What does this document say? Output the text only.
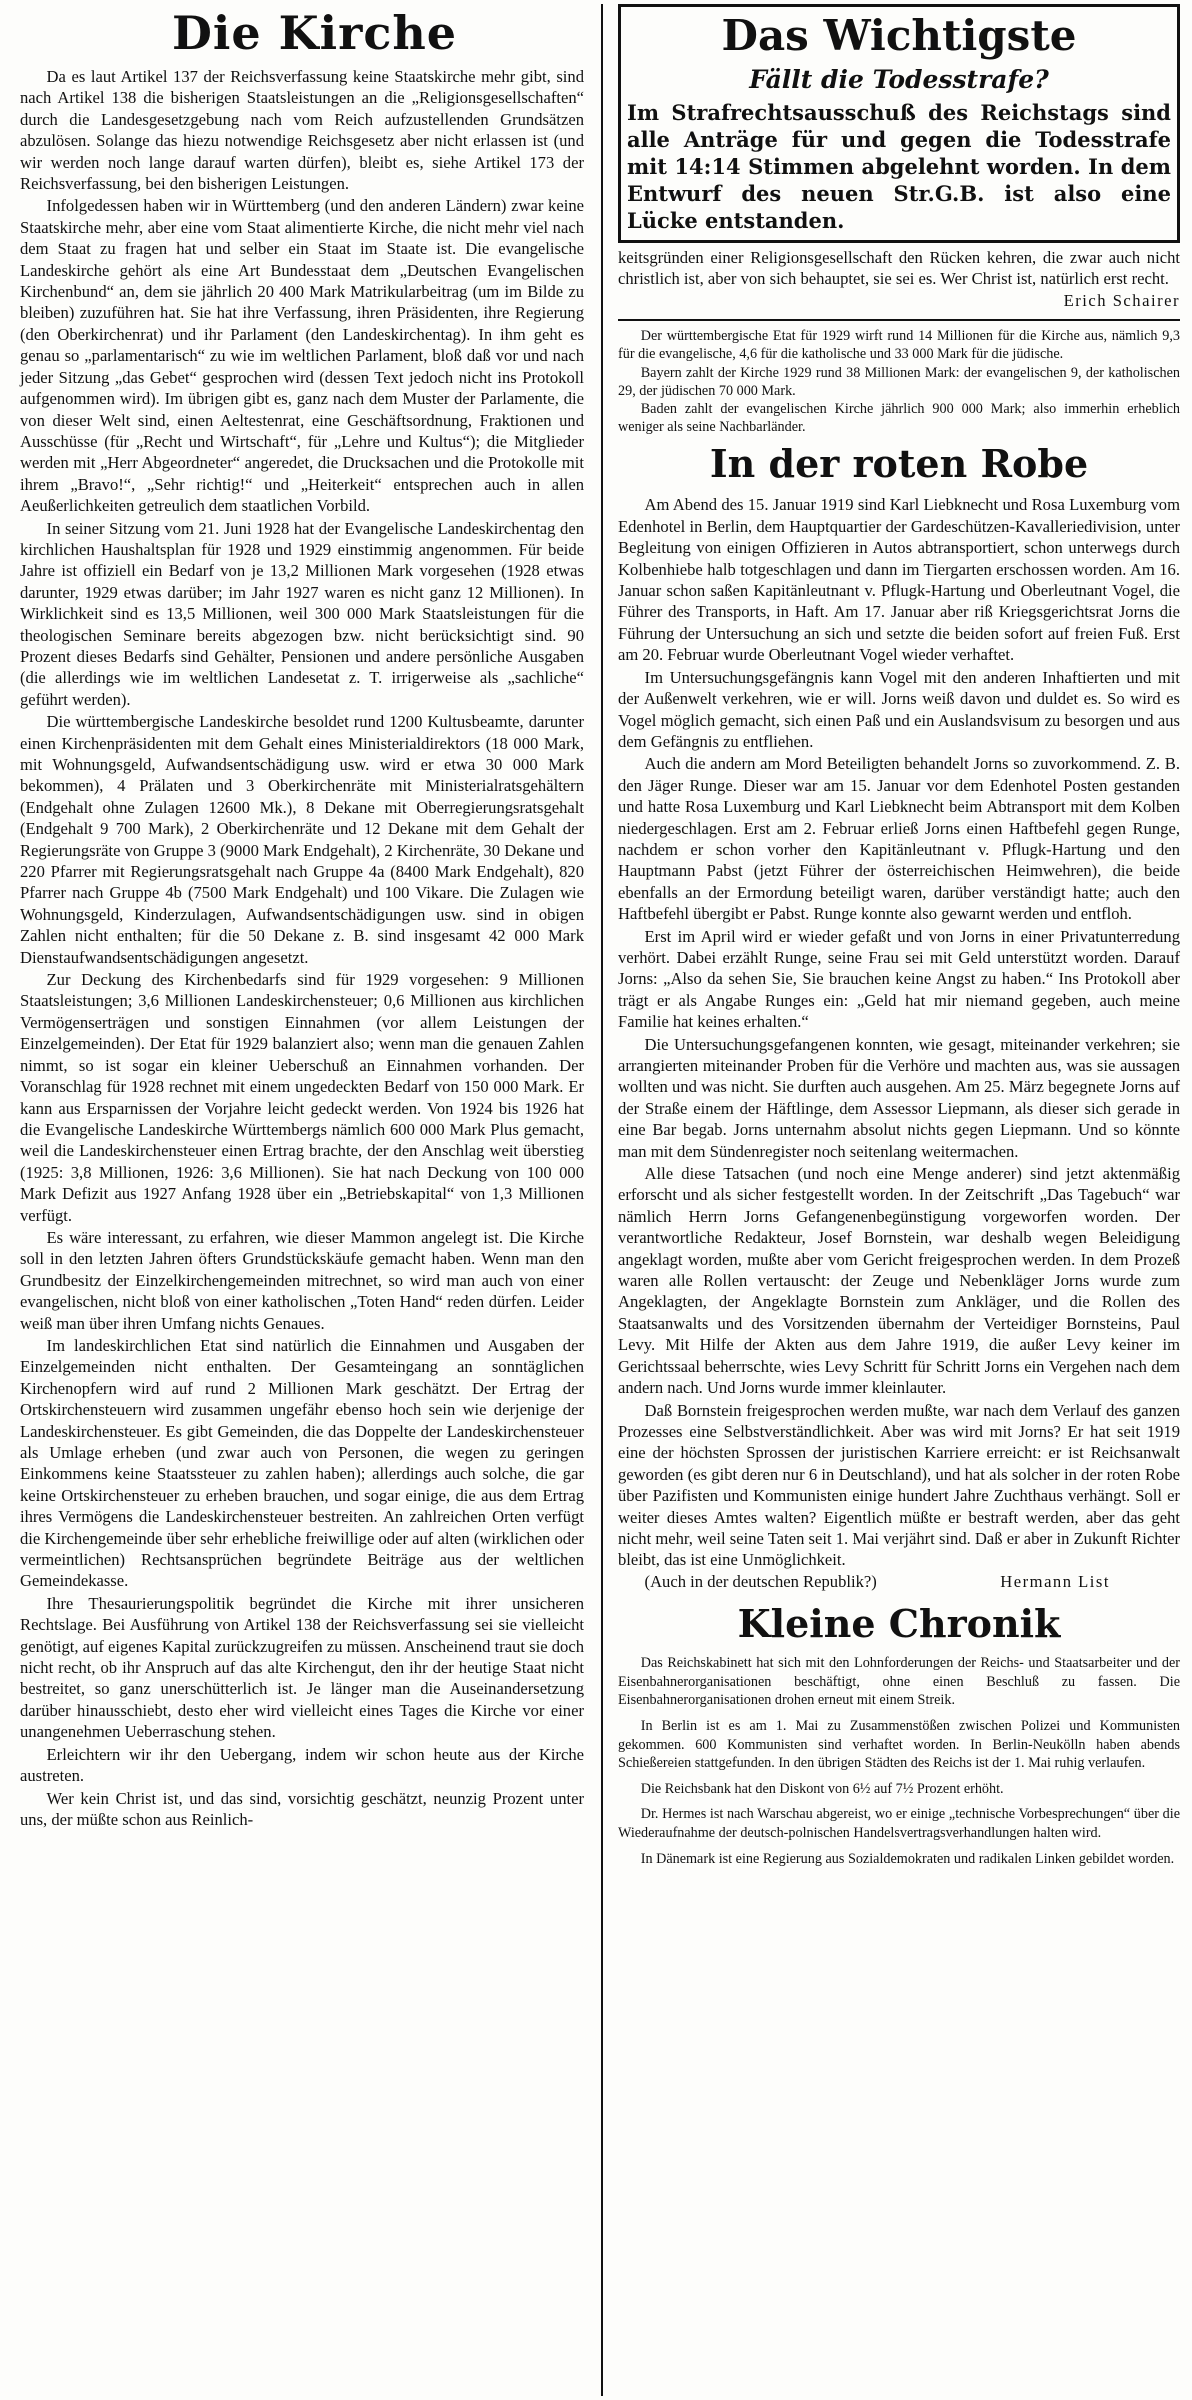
Die Kirche
Da es laut Artikel 137 der Reichsverfassung keine Staatskirche mehr gibt, sind nach Artikel 138 die bisherigen Staatsleistungen an die „Religionsgesellschaften“ durch die Landesgesetzgebung nach vom Reich aufzustellenden Grundsätzen abzulösen. Solange das hiezu notwendige Reichsgesetz aber nicht erlassen ist (und wir werden noch lange darauf warten dürfen), bleibt es, siehe Artikel 173 der Reichsverfassung, bei den bisherigen Leistungen.
Infolgedessen haben wir in Württemberg (und den anderen Ländern) zwar keine Staatskirche mehr, aber eine vom Staat alimentierte Kirche, die nicht mehr viel nach dem Staat zu fragen hat und selber ein Staat im Staate ist. Die evangelische Landeskirche gehört als eine Art Bundesstaat dem „Deutschen Evangelischen Kirchenbund“ an, dem sie jährlich 20 400 Mark Matrikularbeitrag (um im Bilde zu bleiben) zuzuführen hat. Sie hat ihre Verfassung, ihren Präsidenten, ihre Regierung (den Oberkirchenrat) und ihr Parlament (den Landeskirchentag). In ihm geht es genau so „parlamentarisch“ zu wie im weltlichen Parlament, bloß daß vor und nach jeder Sitzung „das Gebet“ gesprochen wird (dessen Text jedoch nicht ins Protokoll aufgenommen wird). Im übrigen gibt es, ganz nach dem Muster der Parlamente, die von dieser Welt sind, einen Aeltestenrat, eine Geschäftsordnung, Fraktionen und Ausschüsse (für „Recht und Wirtschaft“, für „Lehre und Kultus“); die Mitglieder werden mit „Herr Abgeordneter“ angeredet, die Drucksachen und die Protokolle mit ihrem „Bravo!“, „Sehr richtig!“ und „Heiterkeit“ entsprechen auch in allen Aeußerlichkeiten getreulich dem staatlichen Vorbild.
In seiner Sitzung vom 21. Juni 1928 hat der Evangelische Landeskirchentag den kirchlichen Haushaltsplan für 1928 und 1929 einstimmig angenommen. Für beide Jahre ist offiziell ein Bedarf von je 13,2 Millionen Mark vorgesehen (1928 etwas darunter, 1929 etwas darüber; im Jahr 1927 waren es nicht ganz 12 Millionen). In Wirklichkeit sind es 13,5 Millionen, weil 300 000 Mark Staatsleistungen für die theologischen Seminare bereits abgezogen bzw. nicht berücksichtigt sind. 90 Prozent dieses Bedarfs sind Gehälter, Pensionen und andere persönliche Ausgaben (die allerdings wie im weltlichen Landesetat z. T. irrigerweise als „sachliche“ geführt werden).
Die württembergische Landeskirche besoldet rund 1200 Kultusbeamte, darunter einen Kirchenpräsidenten mit dem Gehalt eines Ministerialdirektors (18 000 Mark, mit Wohnungsgeld, Aufwandsentschädigung usw. wird er etwa 30 000 Mark bekommen), 4 Prälaten und 3 Oberkirchenräte mit Ministerialratsgehältern (Endgehalt ohne Zulagen 12600 Mk.), 8 Dekane mit Oberregierungsratsgehalt (Endgehalt 9 700 Mark), 2 Oberkirchenräte und 12 Dekane mit dem Gehalt der Regierungsräte von Gruppe 3 (9000 Mark Endgehalt), 2 Kirchenräte, 30 Dekane und 220 Pfarrer mit Regierungsratsgehalt nach Gruppe 4a (8400 Mark Endgehalt), 820 Pfarrer nach Gruppe 4b (7500 Mark Endgehalt) und 100 Vikare. Die Zulagen wie Wohnungsgeld, Kinderzulagen, Aufwandsentschädigungen usw. sind in obigen Zahlen nicht enthalten; für die 50 Dekane z. B. sind insgesamt 42 000 Mark Dienstaufwandsentschädigungen angesetzt.
Zur Deckung des Kirchenbedarfs sind für 1929 vorgesehen: 9 Millionen Staatsleistungen; 3,6 Millionen Landeskirchensteuer; 0,6 Millionen aus kirchlichen Vermögenserträgen und sonstigen Einnahmen (vor allem Leistungen der Einzelgemeinden). Der Etat für 1929 balanziert also; wenn man die genauen Zahlen nimmt, so ist sogar ein kleiner Ueberschuß an Einnahmen vorhanden. Der Voranschlag für 1928 rechnet mit einem ungedeckten Bedarf von 150 000 Mark. Er kann aus Ersparnissen der Vorjahre leicht gedeckt werden. Von 1924 bis 1926 hat die Evangelische Landeskirche Württembergs nämlich 600 000 Mark Plus gemacht, weil die Landeskirchensteuer einen Ertrag brachte, der den Anschlag weit überstieg (1925: 3,8 Millionen, 1926: 3,6 Millionen). Sie hat nach Deckung von 100 000 Mark Defizit aus 1927 Anfang 1928 über ein „Betriebskapital“ von 1,3 Millionen verfügt.
Es wäre interessant, zu erfahren, wie dieser Mammon angelegt ist. Die Kirche soll in den letzten Jahren öfters Grundstückskäufe gemacht haben. Wenn man den Grundbesitz der Einzelkirchengemeinden mitrechnet, so wird man auch von einer evangelischen, nicht bloß von einer katholischen „Toten Hand“ reden dürfen. Leider weiß man über ihren Umfang nichts Genaues.
Im landeskirchlichen Etat sind natürlich die Einnahmen und Ausgaben der Einzelgemeinden nicht enthalten. Der Gesamteingang an sonntäglichen Kirchenopfern wird auf rund 2 Millionen Mark geschätzt. Der Ertrag der Ortskirchensteuern wird zusammen ungefähr ebenso hoch sein wie derjenige der Landeskirchensteuer. Es gibt Gemeinden, die das Doppelte der Landeskirchensteuer als Umlage erheben (und zwar auch von Personen, die wegen zu geringen Einkommens keine Staatssteuer zu zahlen haben); allerdings auch solche, die gar keine Ortskirchensteuer zu erheben brauchen, und sogar einige, die aus dem Ertrag ihres Vermögens die Landeskirchensteuer bestreiten. An zahlreichen Orten verfügt die Kirchengemeinde über sehr erhebliche freiwillige oder auf alten (wirklichen oder vermeintlichen) Rechtsansprüchen begründete Beiträge aus der weltlichen Gemeindekasse.
Ihre Thesaurierungspolitik begründet die Kirche mit ihrer unsicheren Rechtslage. Bei Ausführung von Artikel 138 der Reichsverfassung sei sie vielleicht genötigt, auf eigenes Kapital zurückzugreifen zu müssen. Anscheinend traut sie doch nicht recht, ob ihr Anspruch auf das alte Kirchengut, den ihr der heutige Staat nicht bestreitet, so ganz unerschütterlich ist. Je länger man die Auseinandersetzung darüber hinausschiebt, desto eher wird vielleicht eines Tages die Kirche vor einer unangenehmen Ueberraschung stehen.
Erleichtern wir ihr den Uebergang, indem wir schon heute aus der Kirche austreten.
Wer kein Christ ist, und das sind, vorsichtig geschätzt, neunzig Prozent unter uns, der müßte schon aus Reinlich-
Das Wichtigste
Fällt die Todesstrafe?
Im Strafrechtsausschuß des Reichstags sind alle Anträge für und gegen die Todesstrafe mit 14:14 Stimmen abgelehnt worden. In dem Entwurf des neuen Str.G.B. ist also eine Lücke entstanden.
keitsgründen einer Religionsgesellschaft den Rücken kehren, die zwar auch nicht christlich ist, aber von sich behauptet, sie sei es. Wer Christ ist, natürlich erst recht.
Erich Schairer
Der württembergische Etat für 1929 wirft rund 14 Millionen für die Kirche aus, nämlich 9,3 für die evangelische, 4,6 für die katholische und 33 000 Mark für die jüdische.
Bayern zahlt der Kirche 1929 rund 38 Millionen Mark: der evangelischen 9, der katholischen 29, der jüdischen 70 000 Mark.
Baden zahlt der evangelischen Kirche jährlich 900 000 Mark; also immerhin erheblich weniger als seine Nachbarländer.
In der roten Robe
Am Abend des 15. Januar 1919 sind Karl Liebknecht und Rosa Luxemburg vom Edenhotel in Berlin, dem Hauptquartier der Gardeschützen-Kavalleriedivision, unter Begleitung von einigen Offizieren in Autos abtransportiert, schon unterwegs durch Kolbenhiebe halb totgeschlagen und dann im Tiergarten erschossen worden. Am 16. Januar schon saßen Kapitänleutnant v. Pflugk-Hartung und Oberleutnant Vogel, die Führer des Transports, in Haft. Am 17. Januar aber riß Kriegsgerichtsrat Jorns die Führung der Untersuchung an sich und setzte die beiden sofort auf freien Fuß. Erst am 20. Februar wurde Oberleutnant Vogel wieder verhaftet.
Im Untersuchungsgefängnis kann Vogel mit den anderen Inhaftierten und mit der Außenwelt verkehren, wie er will. Jorns weiß davon und duldet es. So wird es Vogel möglich gemacht, sich einen Paß und ein Auslandsvisum zu besorgen und aus dem Gefängnis zu entfliehen.
Auch die andern am Mord Beteiligten behandelt Jorns so zuvorkommend. Z. B. den Jäger Runge. Dieser war am 15. Januar vor dem Edenhotel Posten gestanden und hatte Rosa Luxemburg und Karl Liebknecht beim Abtransport mit dem Kolben niedergeschlagen. Erst am 2. Februar erließ Jorns einen Haftbefehl gegen Runge, nachdem er schon vorher den Kapitänleutnant v. Pflugk-Hartung und den Hauptmann Pabst (jetzt Führer der österreichischen Heimwehren), die beide ebenfalls an der Ermordung beteiligt waren, darüber verständigt hatte; auch den Haftbefehl übergibt er Pabst. Runge konnte also gewarnt werden und entfloh.
Erst im April wird er wieder gefaßt und von Jorns in einer Privatunterredung verhört. Dabei erzählt Runge, seine Frau sei mit Geld unterstützt worden. Darauf Jorns: „Also da sehen Sie, Sie brauchen keine Angst zu haben.“ Ins Protokoll aber trägt er als Angabe Runges ein: „Geld hat mir niemand gegeben, auch meine Familie hat keines erhalten.“
Die Untersuchungsgefangenen konnten, wie gesagt, miteinander verkehren; sie arrangierten miteinander Proben für die Verhöre und machten aus, was sie aussagen wollten und was nicht. Sie durften auch ausgehen. Am 25. März begegnete Jorns auf der Straße einem der Häftlinge, dem Assessor Liepmann, als dieser sich gerade in eine Bar begab. Jorns unternahm absolut nichts gegen Liepmann. Und so könnte man mit dem Sündenregister noch seitenlang weitermachen.
Alle diese Tatsachen (und noch eine Menge anderer) sind jetzt aktenmäßig erforscht und als sicher festgestellt worden. In der Zeitschrift „Das Tagebuch“ war nämlich Herrn Jorns Gefangenenbegünstigung vorgeworfen worden. Der verantwortliche Redakteur, Josef Bornstein, war deshalb wegen Beleidigung angeklagt worden, mußte aber vom Gericht freigesprochen werden. In dem Prozeß waren alle Rollen vertauscht: der Zeuge und Nebenkläger Jorns wurde zum Angeklagten, der Angeklagte Bornstein zum Ankläger, und die Rollen des Staatsanwalts und des Vorsitzenden übernahm der Verteidiger Bornsteins, Paul Levy. Mit Hilfe der Akten aus dem Jahre 1919, die außer Levy keiner im Gerichtssaal beherrschte, wies Levy Schritt für Schritt Jorns ein Vergehen nach dem andern nach. Und Jorns wurde immer kleinlauter.
Daß Bornstein freigesprochen werden mußte, war nach dem Verlauf des ganzen Prozesses eine Selbstverständlichkeit. Aber was wird mit Jorns? Er hat seit 1919 eine der höchsten Sprossen der juristischen Karriere erreicht: er ist Reichsanwalt geworden (es gibt deren nur 6 in Deutschland), und hat als solcher in der roten Robe über Pazifisten und Kommunisten einige hundert Jahre Zuchthaus verhängt. Soll er weiter dieses Amtes walten? Eigentlich müßte er bestraft werden, aber das geht nicht mehr, weil seine Taten seit 1. Mai verjährt sind. Daß er aber in Zukunft Richter bleibt, das ist eine Unmöglichkeit.
(Auch in der deutschen Republik?)	Hermann List
Kleine Chronik
Das Reichskabinett hat sich mit den Lohnforderungen der Reichs- und Staatsarbeiter und der Eisenbahnerorganisationen beschäftigt, ohne einen Beschluß zu fassen. Die Eisenbahnerorganisationen drohen erneut mit einem Streik.
In Berlin ist es am 1. Mai zu Zusammenstößen zwischen Polizei und Kommunisten gekommen. 600 Kommunisten sind verhaftet worden. In Berlin-Neukölln haben abends Schießereien stattgefunden. In den übrigen Städten des Reichs ist der 1. Mai ruhig verlaufen.
Die Reichsbank hat den Diskont von 6½ auf 7½ Prozent erhöht.
Dr. Hermes ist nach Warschau abgereist, wo er einige „technische Vorbesprechungen“ über die Wiederaufnahme der deutsch-polnischen Handelsvertragsverhandlungen halten wird.
In Dänemark ist eine Regierung aus Sozialdemokraten und radikalen Linken gebildet worden.
